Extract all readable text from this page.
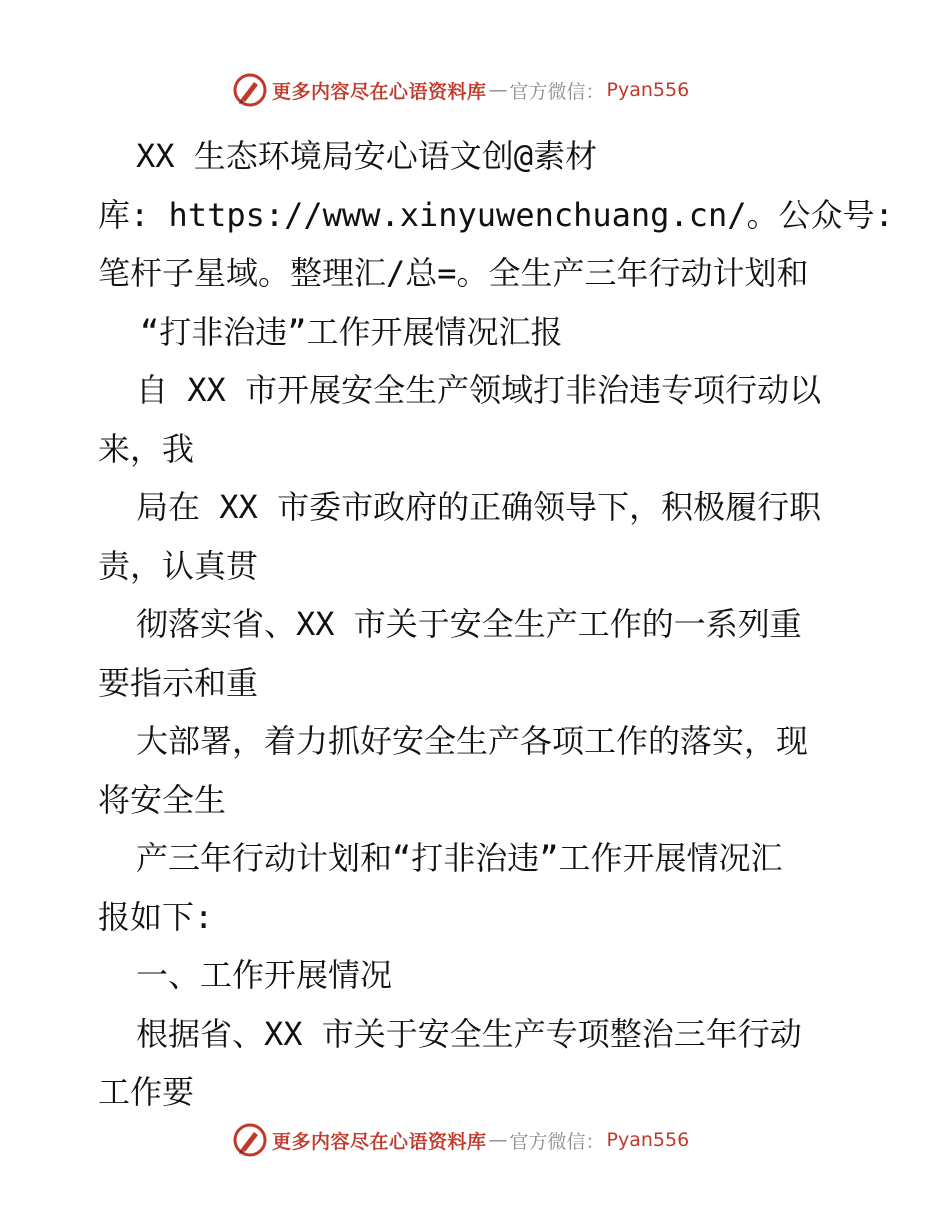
更多内容尽在心语资料库 — 官方微信： Pyan556
XX 生态环境局安心语文创@素材
库: https://www.xinyuwenchuang.cn/。公众号:
笔杆子星域。整理汇/总=。全生产三年行动计划和
“打非治违”工作开展情况汇报
自 XX 市开展安全生产领域打非治违专项行动以
来，我
局在 XX 市委市政府的正确领导下，积极履行职
责，认真贯
彻落实省、XX 市关于安全生产工作的一系列重
要指示和重
大部署，着力抓好安全生产各项工作的落实，现
将安全生
产三年行动计划和“打非治违”工作开展情况汇
报如下:
一、工作开展情况
根据省、XX 市关于安全生产专项整治三年行动
工作要
更多内容尽在心语资料库 — 官方微信： Pyan556
